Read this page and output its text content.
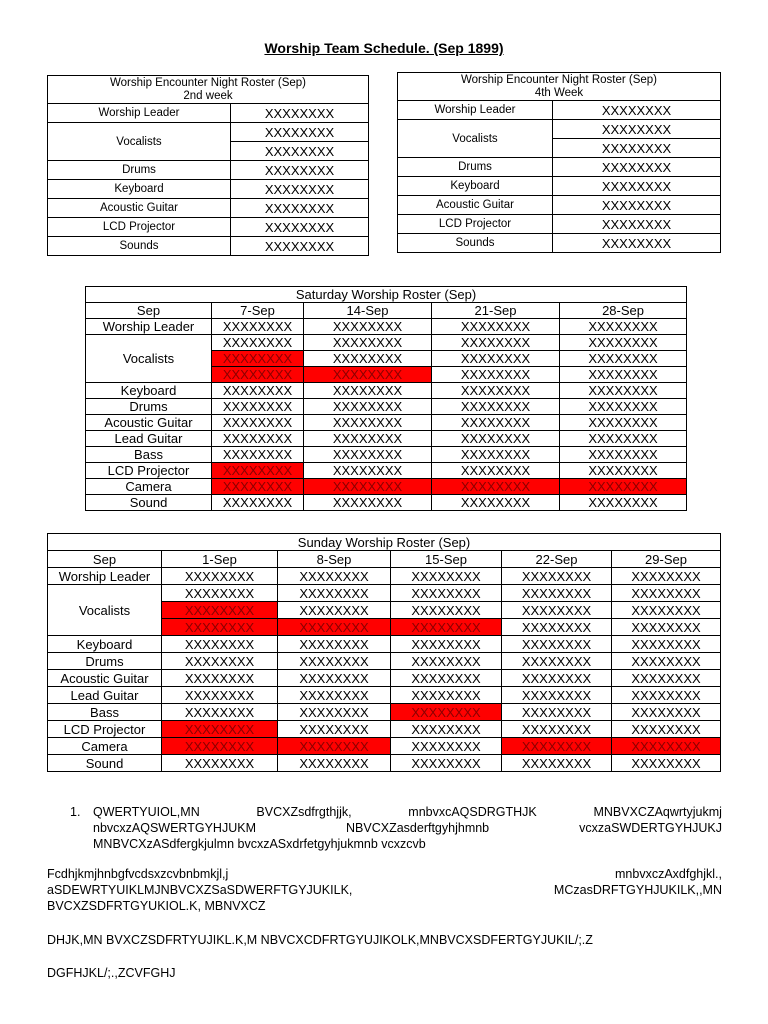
Worship Team Schedule. (Sep 1899)
Worship Encounter Night Roster (Sep)
2nd week	

Worship Leader	XXXXXXXX
Vocalists	XXXXXXXX
	XXXXXXXX
Drums	XXXXXXXX
Keyboard	XXXXXXXX
Acoustic Guitar	XXXXXXXX
LCD Projector	XXXXXXXX
Sounds	XXXXXXXX
Worship Encounter Night Roster (Sep)
4th Week	

Worship Leader	XXXXXXXX
Vocalists	XXXXXXXX
	XXXXXXXX
Drums	XXXXXXXX
Keyboard	XXXXXXXX
Acoustic Guitar	XXXXXXXX
LCD Projector	XXXXXXXX
Sounds	XXXXXXXX
Saturday Worship Roster (Sep)				
Sep	7-Sep	14-Sep	21-Sep	28-Sep
Worship Leader	XXXXXXXX	XXXXXXXX	XXXXXXXX	XXXXXXXX
Vocalists	XXXXXXXX	XXXXXXXX	XXXXXXXX	XXXXXXXX
	XXXXXXXX	XXXXXXXX	XXXXXXXX	XXXXXXXX
	XXXXXXXX	XXXXXXXX	XXXXXXXX	XXXXXXXX
Keyboard	XXXXXXXX	XXXXXXXX	XXXXXXXX	XXXXXXXX
Drums	XXXXXXXX	XXXXXXXX	XXXXXXXX	XXXXXXXX
Acoustic Guitar	XXXXXXXX	XXXXXXXX	XXXXXXXX	XXXXXXXX
Lead Guitar	XXXXXXXX	XXXXXXXX	XXXXXXXX	XXXXXXXX
Bass	XXXXXXXX	XXXXXXXX	XXXXXXXX	XXXXXXXX
LCD Projector	XXXXXXXX	XXXXXXXX	XXXXXXXX	XXXXXXXX
Camera	XXXXXXXX	XXXXXXXX	XXXXXXXX	XXXXXXXX
Sound	XXXXXXXX	XXXXXXXX	XXXXXXXX	XXXXXXXX
Sunday Worship Roster (Sep)					
Sep	1-Sep	8-Sep	15-Sep	22-Sep	29-Sep
Worship Leader	XXXXXXXX	XXXXXXXX	XXXXXXXX	XXXXXXXX	XXXXXXXX
Vocalists	XXXXXXXX	XXXXXXXX	XXXXXXXX	XXXXXXXX	XXXXXXXX
	XXXXXXXX	XXXXXXXX	XXXXXXXX	XXXXXXXX	XXXXXXXX
	XXXXXXXX	XXXXXXXX	XXXXXXXX	XXXXXXXX	XXXXXXXX
Keyboard	XXXXXXXX	XXXXXXXX	XXXXXXXX	XXXXXXXX	XXXXXXXX
Drums	XXXXXXXX	XXXXXXXX	XXXXXXXX	XXXXXXXX	XXXXXXXX
Acoustic Guitar	XXXXXXXX	XXXXXXXX	XXXXXXXX	XXXXXXXX	XXXXXXXX
Lead Guitar	XXXXXXXX	XXXXXXXX	XXXXXXXX	XXXXXXXX	XXXXXXXX
Bass	XXXXXXXX	XXXXXXXX	XXXXXXXX	XXXXXXXX	XXXXXXXX
LCD Projector	XXXXXXXX	XXXXXXXX	XXXXXXXX	XXXXXXXX	XXXXXXXX
Camera	XXXXXXXX	XXXXXXXX	XXXXXXXX	XXXXXXXX	XXXXXXXX
Sound	XXXXXXXX	XXXXXXXX	XXXXXXXX	XXXXXXXX	XXXXXXXX
1. QWERTYUIOL,MN	BVCXZsdfrgthjjk,	mnbvxcAQSDRGTHJK	MNBVXCZAqwrtyjukmj
nbvcxzAQSWERTGYHJUKM	NBVCXZasderftgyhjhmnb	vcxzaSWDERTGYHJUKJ
MNBVCXzASdfergkjulmn bvcxzASxdrfetgyhjukmnb vcxzcvb
Fcdhjkmjhnbgfvcdsxzcvbnbmkjl,j	mnbvxczAxdfghjkl.,
aSDEWRTYUIKLMJNBVCXZSaSDWERFTGYJUKILK,	MCzasDRFTGYHJUKILK,,MN
BVCXZSDFRTGYUKIOL.K, MBNVXCZ
DHJK,MN BVXCZSDFRTYUJIKL.K,M NBVCXCDFRTGYUJIKOLK,MNBVCXSDFERTGYJUKIL/;.Z
DGFHJKL/;.,ZCVFGHJ
